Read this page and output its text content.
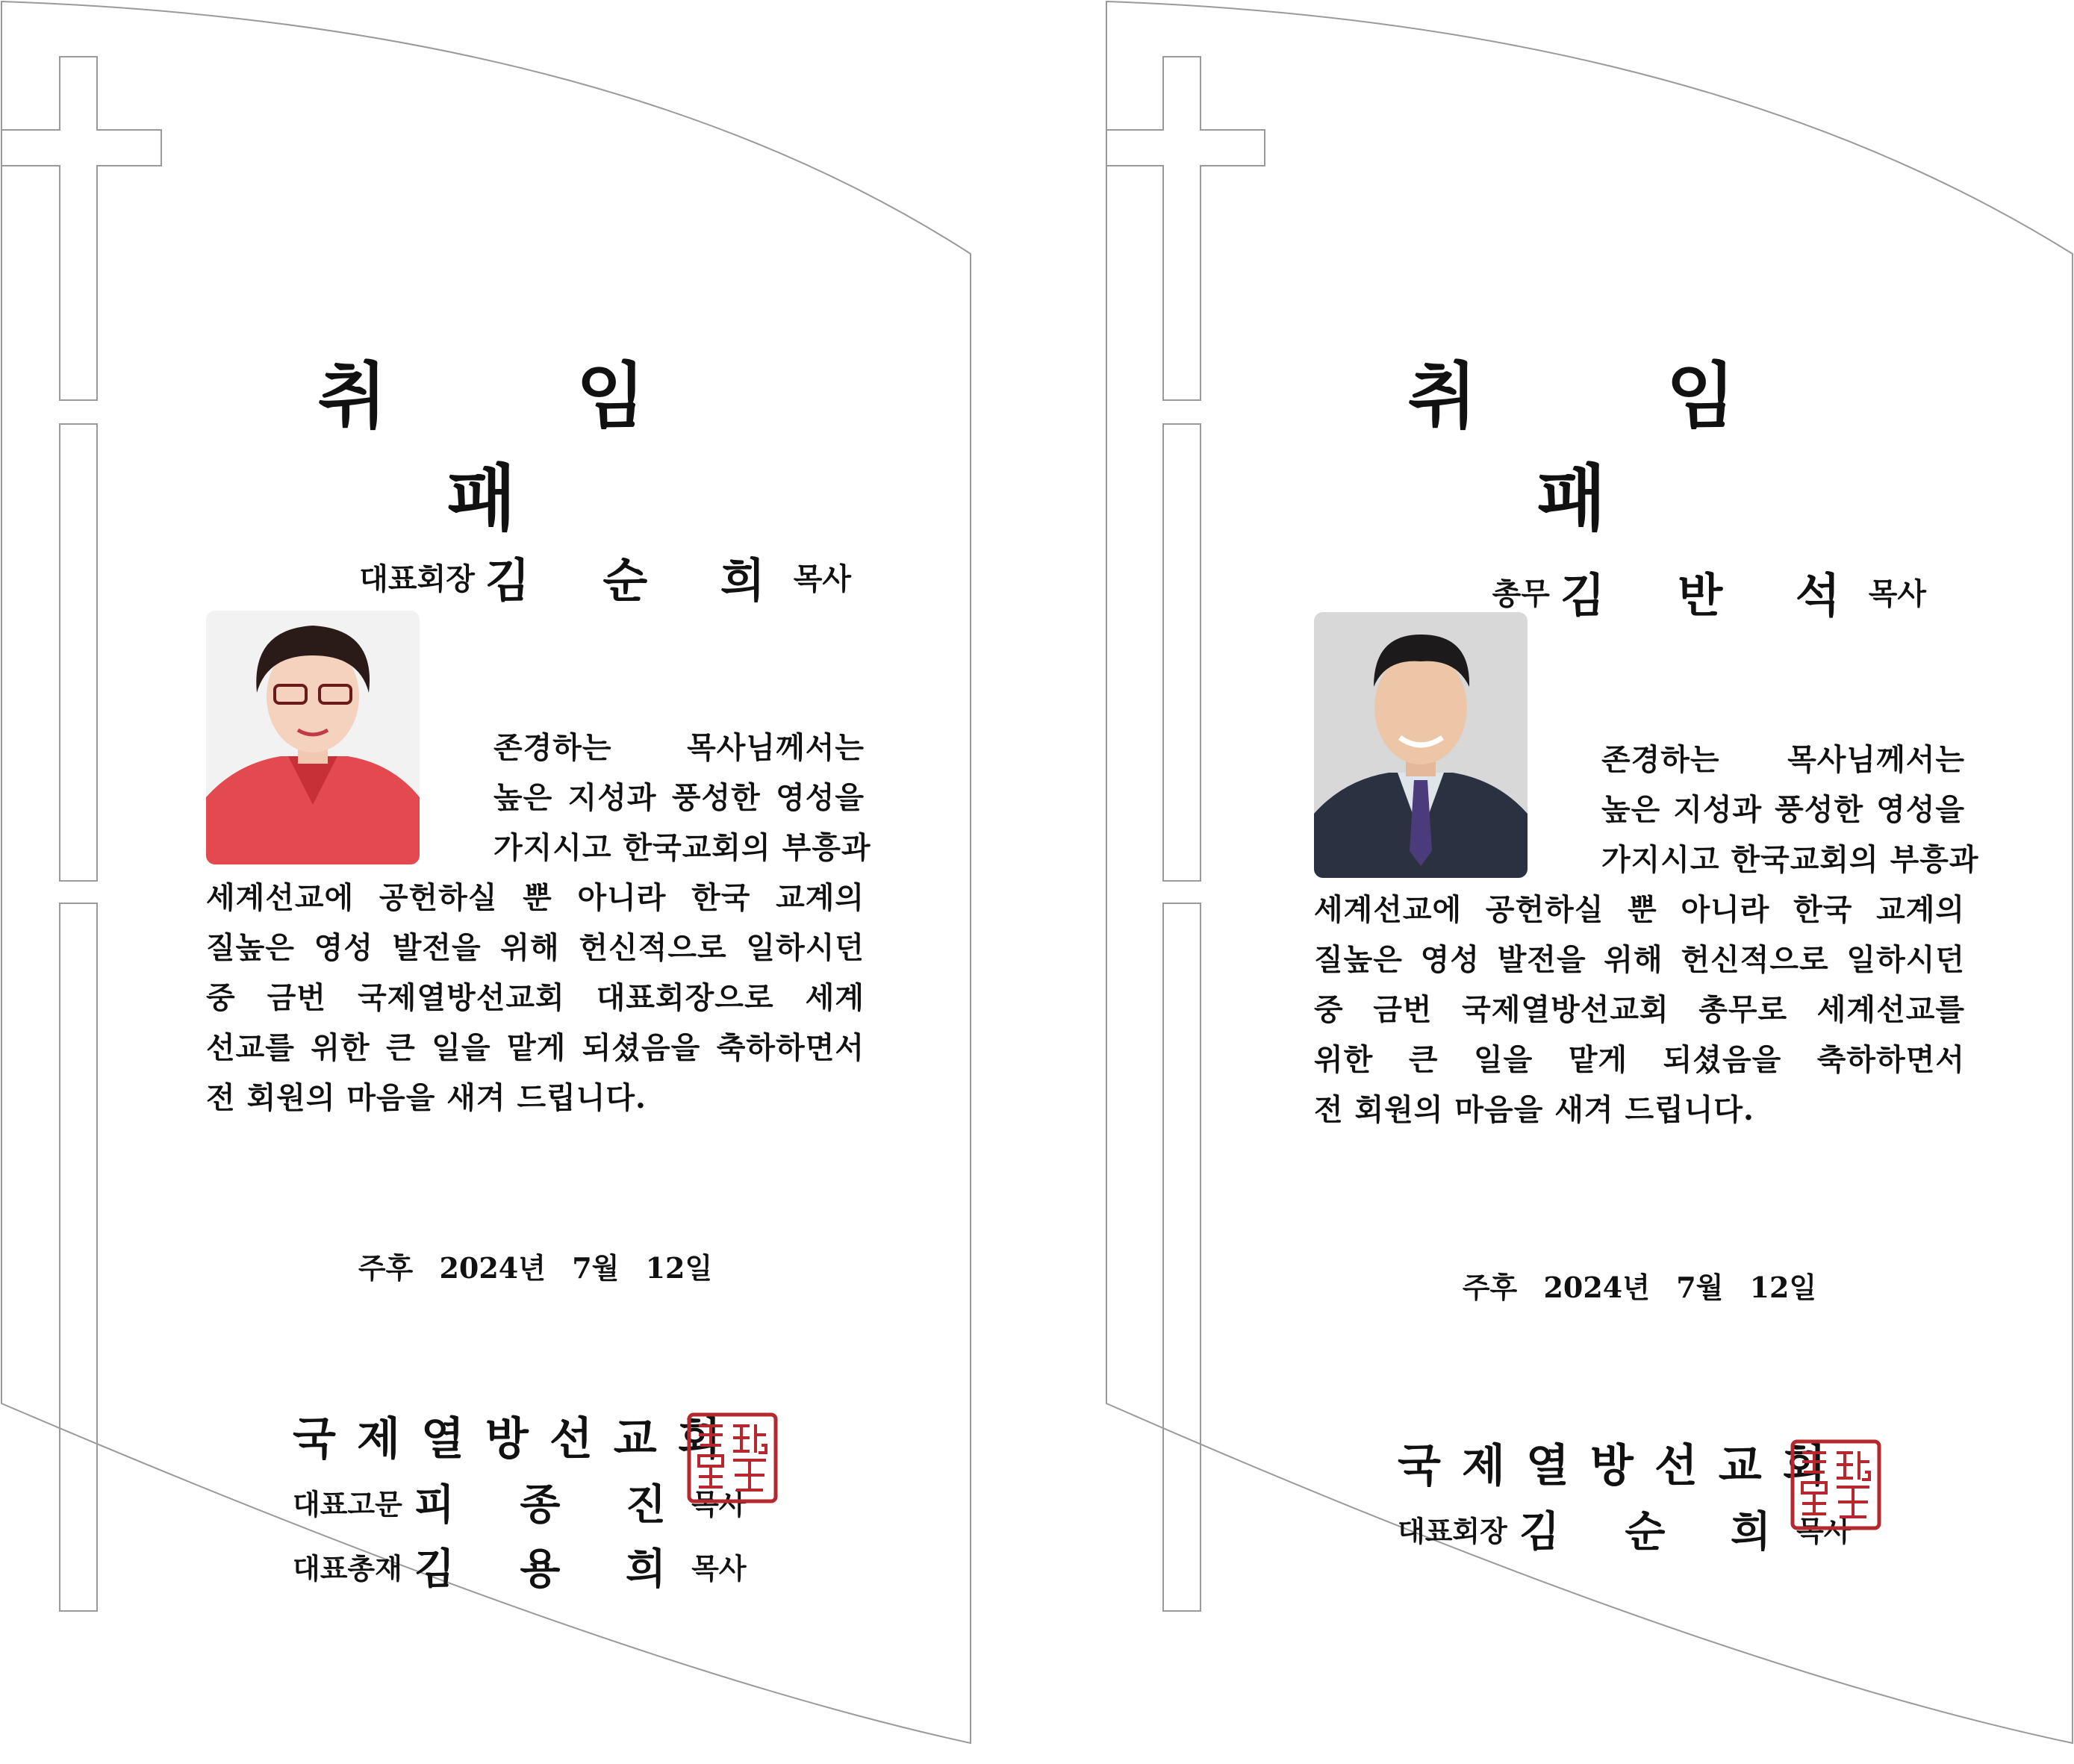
취 임 패
대표회장 김 순 희목사
존경하는 목사님께서는
높은 지성과 풍성한 영성을
가지시고 한국교회의 부흥과
세계선교에 공헌하실 뿐 아니라 한국 교계의
질높은 영성 발전을 위해 헌신적으로 일하시던
중 금번 국제열방선교회 대표회장으로 세계
선교를 위한 큰 일을 맡게 되셨음을 축하하면서
전 회원의 마음을 새겨 드립니다.
주후 2024년 7월 12일
국제열방선교회
대표고문 피 종 진목사
대표총재 김 용 희목사
취 임 패
총무 김 반 석목사
존경하는 목사님께서는
높은 지성과 풍성한 영성을
가지시고 한국교회의 부흥과
세계선교에 공헌하실 뿐 아니라 한국 교계의
질높은 영성 발전을 위해 헌신적으로 일하시던
중 금번 국제열방선교회 총무로 세계선교를
위한 큰 일을 맡게 되셨음을 축하하면서
전 회원의 마음을 새겨 드립니다.
주후 2024년 7월 12일
국제열방선교회
대표회장 김 순 희목사
